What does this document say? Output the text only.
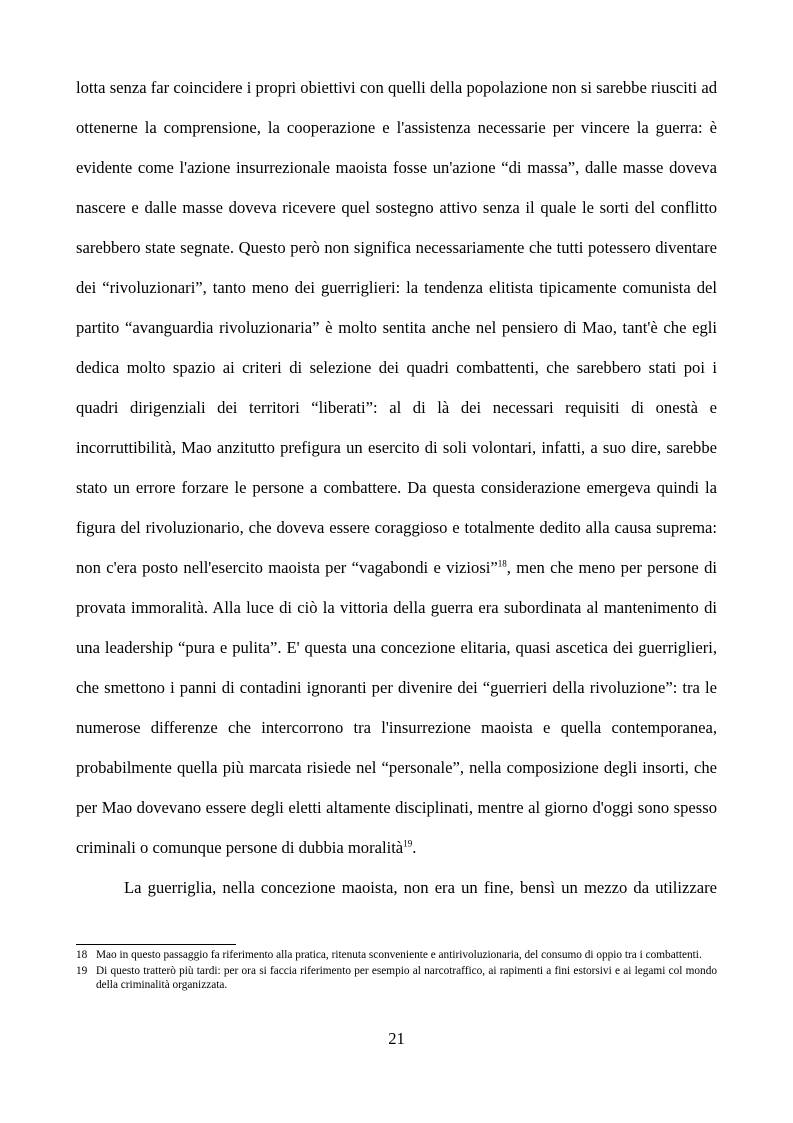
lotta senza far coincidere i propri obiettivi con quelli della popolazione non si sarebbe riusciti ad ottenerne la comprensione, la cooperazione e l'assistenza necessarie per vincere la guerra: è evidente come l'azione insurrezionale maoista fosse un'azione “di massa”, dalle masse doveva nascere e dalle masse doveva ricevere quel sostegno attivo senza il quale le sorti del conflitto sarebbero state segnate. Questo però non significa necessariamente che tutti potessero diventare dei “rivoluzionari”, tanto meno dei guerriglieri: la tendenza elitista tipicamente comunista del partito “avanguardia rivoluzionaria” è molto sentita anche nel pensiero di Mao, tant'è che egli dedica molto spazio ai criteri di selezione dei quadri combattenti, che sarebbero stati poi i quadri dirigenziali dei territori “liberati”: al di là dei necessari requisiti di onestà e incorruttibilità, Mao anzitutto prefigura un esercito di soli volontari, infatti, a suo dire, sarebbe stato un errore forzare le persone a combattere. Da questa considerazione emergeva quindi la figura del rivoluzionario, che doveva essere coraggioso e totalmente dedito alla causa suprema: non c'era posto nell'esercito maoista per “vagabondi e viziosi”$^{18}$, men che meno per persone di provata immoralità. Alla luce di ciò la vittoria della guerra era subordinata al mantenimento di una leadership “pura e pulita”. E' questa una concezione elitaria, quasi ascetica dei guerriglieri, che smettono i panni di contadini ignoranti per divenire dei “guerrieri della rivoluzione”: tra le numerose differenze che intercorrono tra l'insurrezione maoista e quella contemporanea, probabilmente quella più marcata risiede nel “personale”, nella composizione degli insorti, che per Mao dovevano essere degli eletti altamente disciplinati, mentre al giorno d'oggi sono spesso criminali o comunque persone di dubbia moralità$^{19}$.

La guerriglia, nella concezione maoista, non era un fine, bensì un mezzo da utilizzare

18 Mao in questo passaggio fa riferimento alla pratica, ritenuta sconveniente e antirivoluzionaria, del consumo di oppio tra i combattenti.
19 Di questo tratterò più tardi: per ora si faccia riferimento per esempio al narcotraffico, ai rapimenti a fini estorsivi e ai legami col mondo della criminalità organizzata.
21
